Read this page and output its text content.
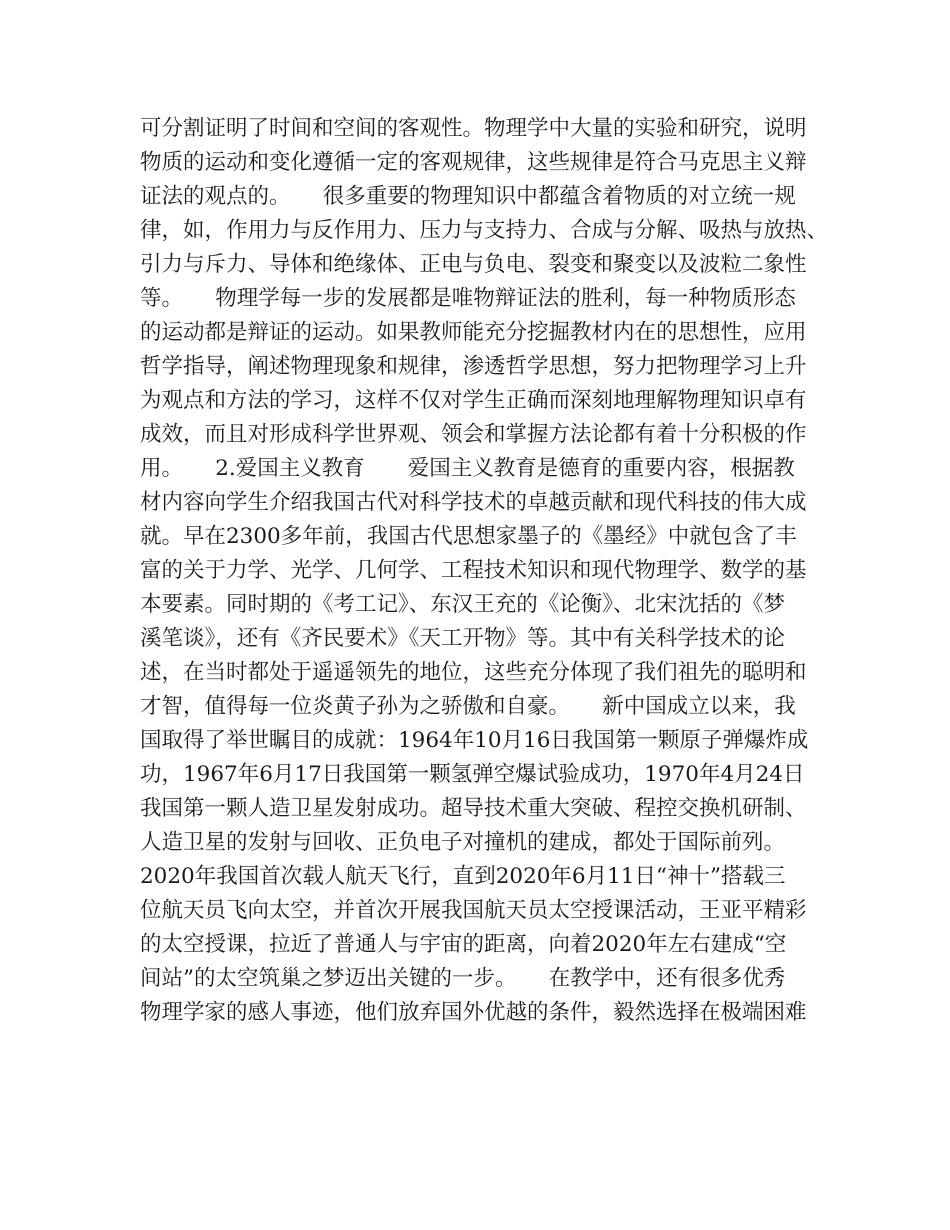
可分割证明了时间和空间的客观性。物理学中大量的实验和研究，说明
物质的运动和变化遵循一定的客观规律，这些规律是符合马克思主义辩
证法的观点的。　　很多重要的物理知识中都蕴含着物质的对立统一规
律，如，作用力与反作用力、压力与支持力、合成与分解、吸热与放热、
引力与斥力、导体和绝缘体、正电与负电、裂变和聚变以及波粒二象性
等。　　物理学每一步的发展都是唯物辩证法的胜利，每一种物质形态
的运动都是辩证的运动。如果教师能充分挖掘教材内在的思想性，应用
哲学指导，阐述物理现象和规律，渗透哲学思想，努力把物理学习上升
为观点和方法的学习，这样不仅对学生正确而深刻地理解物理知识卓有
成效，而且对形成科学世界观、领会和掌握方法论都有着十分积极的作
用。　　2.爱国主义教育　　爱国主义教育是德育的重要内容，根据教
材内容向学生介绍我国古代对科学技术的卓越贡献和现代科技的伟大成
就。早在2300多年前，我国古代思想家墨子的《墨经》中就包含了丰
富的关于力学、光学、几何学、工程技术知识和现代物理学、数学的基
本要素。同时期的《考工记》、东汉王充的《论衡》、北宋沈括的《梦
溪笔谈》，还有《齐民要术》《天工开物》等。其中有关科学技术的论
述，在当时都处于遥遥领先的地位，这些充分体现了我们祖先的聪明和
才智，值得每一位炎黄子孙为之骄傲和自豪。　　新中国成立以来，我
国取得了举世瞩目的成就：1964年10月16日我国第一颗原子弹爆炸成
功，1967年6月17日我国第一颗氢弹空爆试验成功，1970年4月24日
我国第一颗人造卫星发射成功。超导技术重大突破、程控交换机研制、
人造卫星的发射与回收、正负电子对撞机的建成，都处于国际前列。
2020年我国首次载人航天飞行，直到2020年6月11日“神十”搭载三
位航天员飞向太空，并首次开展我国航天员太空授课活动，王亚平精彩
的太空授课，拉近了普通人与宇宙的距离，向着2020年左右建成“空
间站”的太空筑巢之梦迈出关键的一步。　　在教学中，还有很多优秀
物理学家的感人事迹，他们放弃国外优越的条件，毅然选择在极端困难
